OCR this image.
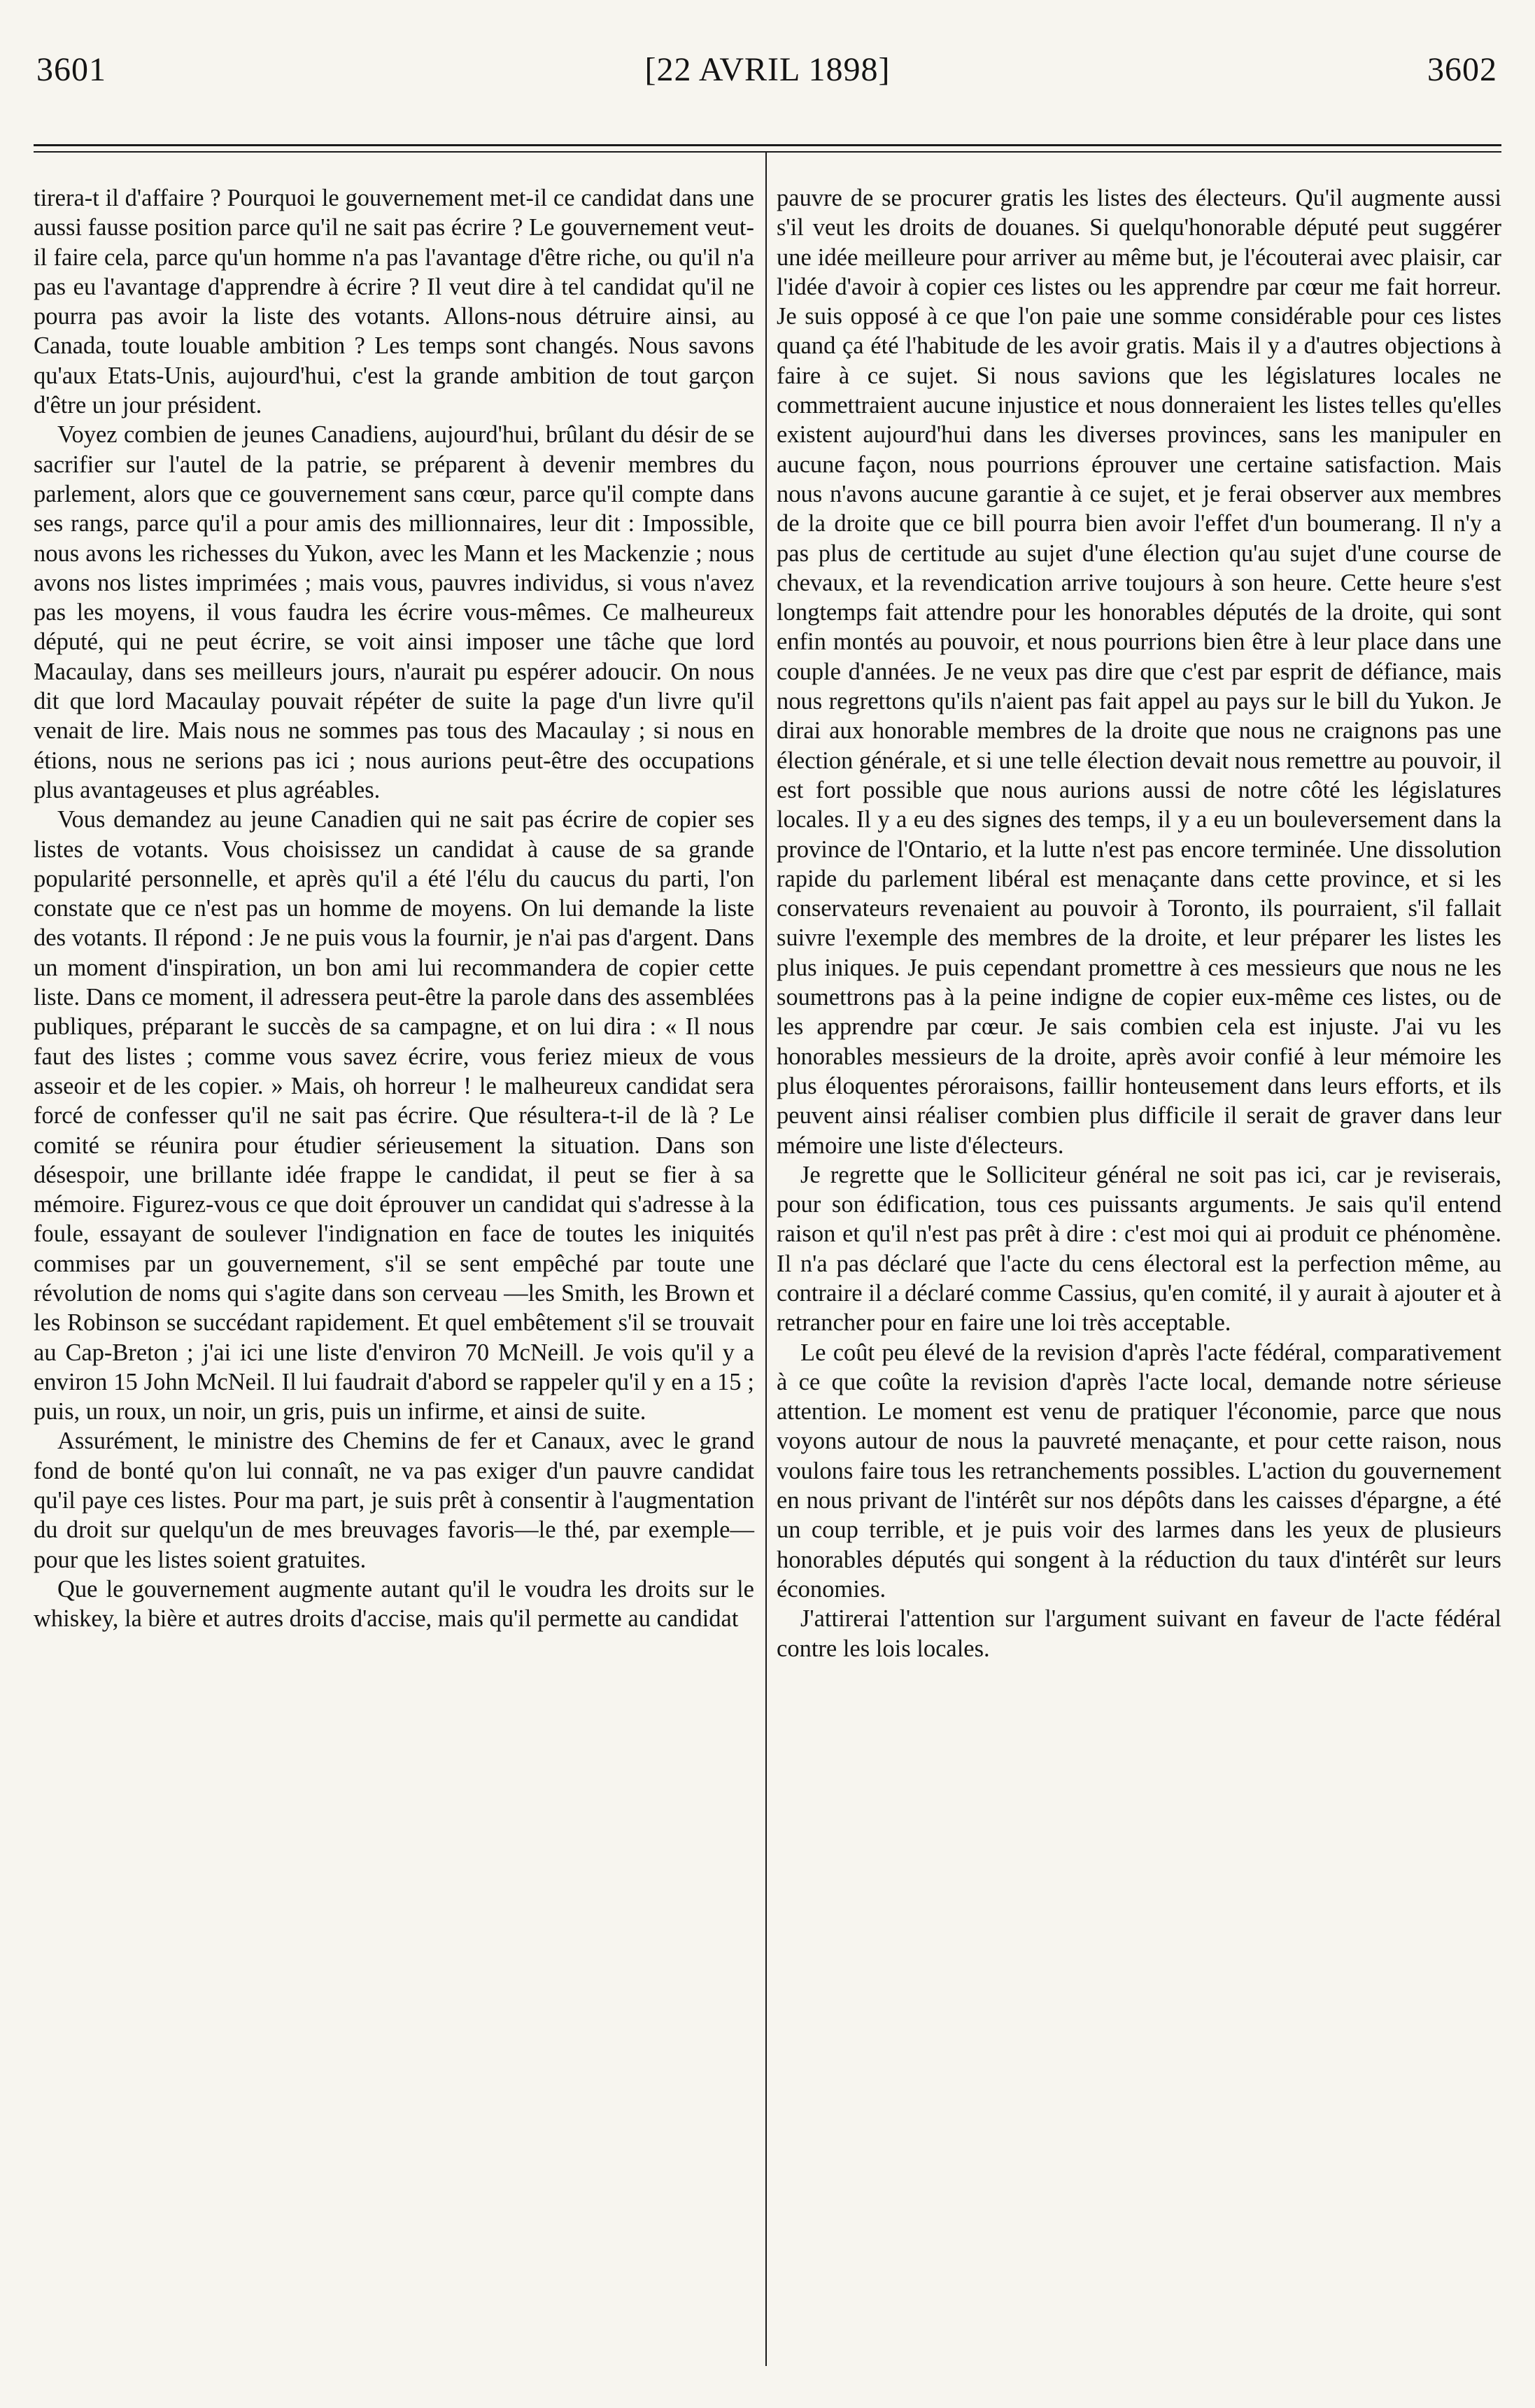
3601	[22 AVRIL 1898]	3602

tirera-t il d'affaire ? Pourquoi le gouvernement met-il ce candidat dans une aussi fausse position parce qu'il ne sait pas écrire ? Le gouvernement veut-il faire cela, parce qu'un homme n'a pas l'avantage d'être riche, ou qu'il n'a pas eu l'avantage d'apprendre à écrire ? Il veut dire à tel candidat qu'il ne pourra pas avoir la liste des votants. Allons-nous détruire ainsi, au Canada, toute louable ambition ? Les temps sont changés. Nous savons qu'aux Etats-Unis, aujourd'hui, c'est la grande ambition de tout garçon d'être un jour président.

Voyez combien de jeunes Canadiens, aujourd'hui, brûlant du désir de se sacrifier sur l'autel de la patrie, se préparent à devenir membres du parlement, alors que ce gouvernement sans cœur, parce qu'il compte dans ses rangs, parce qu'il a pour amis des millionnaires, leur dit : Impossible, nous avons les richesses du Yukon, avec les Mann et les Mackenzie ; nous avons nos listes imprimées ; mais vous, pauvres individus, si vous n'avez pas les moyens, il vous faudra les écrire vous-mêmes. Ce malheureux député, qui ne peut écrire, se voit ainsi imposer une tâche que lord Macaulay, dans ses meilleurs jours, n'aurait pu espérer adoucir. On nous dit que lord Macaulay pouvait répéter de suite la page d'un livre qu'il venait de lire. Mais nous ne sommes pas tous des Macaulay ; si nous en étions, nous ne serions pas ici ; nous aurions peut-être des occupations plus avantageuses et plus agréables.

Vous demandez au jeune Canadien qui ne sait pas écrire de copier ses listes de votants. Vous choisissez un candidat à cause de sa grande popularité personnelle, et après qu'il a été l'élu du caucus du parti, l'on constate que ce n'est pas un homme de moyens. On lui demande la liste des votants. Il répond : Je ne puis vous la fournir, je n'ai pas d'argent. Dans un moment d'inspiration, un bon ami lui recommandera de copier cette liste. Dans ce moment, il adressera peut-être la parole dans des assemblées publiques, préparant le succès de sa campagne, et on lui dira : « Il nous faut des listes ; comme vous savez écrire, vous feriez mieux de vous asseoir et de les copier. » Mais, oh horreur ! le malheureux candidat sera forcé de confesser qu'il ne sait pas écrire. Que résultera-t-il de là ? Le comité se réunira pour étudier sérieusement la situation. Dans son désespoir, une brillante idée frappe le candidat, il peut se fier à sa mémoire. Figurez-vous ce que doit éprouver un candidat qui s'adresse à la foule, essayant de soulever l'indignation en face de toutes les iniquités commises par un gouvernement, s'il se sent empêché par toute une révolution de noms qui s'agite dans son cerveau —les Smith, les Brown et les Robinson se succédant rapidement. Et quel embêtement s'il se trouvait au Cap-Breton ; j'ai ici une liste d'environ 70 McNeill. Je vois qu'il y a environ 15 John McNeil. Il lui faudrait d'abord se rappeler qu'il y en a 15 ; puis, un roux, un noir, un gris, puis un infirme, et ainsi de suite.

Assurément, le ministre des Chemins de fer et Canaux, avec le grand fond de bonté qu'on lui connaît, ne va pas exiger d'un pauvre candidat qu'il paye ces listes. Pour ma part, je suis prêt à consentir à l'augmentation du droit sur quelqu'un de mes breuvages favoris—le thé, par exemple—pour que les listes soient gratuites.

Que le gouvernement augmente autant qu'il le voudra les droits sur le whiskey, la bière et autres droits d'accise, mais qu'il permette au candidat

pauvre de se procurer gratis les listes des électeurs. Qu'il augmente aussi s'il veut les droits de douanes. Si quelqu'honorable député peut suggérer une idée meilleure pour arriver au même but, je l'écouterai avec plaisir, car l'idée d'avoir à copier ces listes ou les apprendre par cœur me fait horreur. Je suis opposé à ce que l'on paie une somme considérable pour ces listes quand ça été l'habitude de les avoir gratis. Mais il y a d'autres objections à faire à ce sujet. Si nous savions que les législatures locales ne commettraient aucune injustice et nous donneraient les listes telles qu'elles existent aujourd'hui dans les diverses provinces, sans les manipuler en aucune façon, nous pourrions éprouver une certaine satisfaction. Mais nous n'avons aucune garantie à ce sujet, et je ferai observer aux membres de la droite que ce bill pourra bien avoir l'effet d'un boumerang. Il n'y a pas plus de certitude au sujet d'une élection qu'au sujet d'une course de chevaux, et la revendication arrive toujours à son heure. Cette heure s'est longtemps fait attendre pour les honorables députés de la droite, qui sont enfin montés au pouvoir, et nous pourrions bien être à leur place dans une couple d'années. Je ne veux pas dire que c'est par esprit de défiance, mais nous regrettons qu'ils n'aient pas fait appel au pays sur le bill du Yukon. Je dirai aux honorable membres de la droite que nous ne craignons pas une élection générale, et si une telle élection devait nous remettre au pouvoir, il est fort possible que nous aurions aussi de notre côté les législatures locales. Il y a eu des signes des temps, il y a eu un bouleversement dans la province de l'Ontario, et la lutte n'est pas encore terminée. Une dissolution rapide du parlement libéral est menaçante dans cette province, et si les conservateurs revenaient au pouvoir à Toronto, ils pourraient, s'il fallait suivre l'exemple des membres de la droite, et leur préparer les listes les plus iniques. Je puis cependant promettre à ces messieurs que nous ne les soumettrons pas à la peine indigne de copier eux-même ces listes, ou de les apprendre par cœur. Je sais combien cela est injuste. J'ai vu les honorables messieurs de la droite, après avoir confié à leur mémoire les plus éloquentes péroraisons, faillir honteusement dans leurs efforts, et ils peuvent ainsi réaliser combien plus difficile il serait de graver dans leur mémoire une liste d'électeurs.

Je regrette que le Solliciteur général ne soit pas ici, car je reviserais, pour son édification, tous ces puissants arguments. Je sais qu'il entend raison et qu'il n'est pas prêt à dire : c'est moi qui ai produit ce phénomène. Il n'a pas déclaré que l'acte du cens électoral est la perfection même, au contraire il a déclaré comme Cassius, qu'en comité, il y aurait à ajouter et à retrancher pour en faire une loi très acceptable.

Le coût peu élevé de la revision d'après l'acte fédéral, comparativement à ce que coûte la revision d'après l'acte local, demande notre sérieuse attention. Le moment est venu de pratiquer l'économie, parce que nous voyons autour de nous la pauvreté menaçante, et pour cette raison, nous voulons faire tous les retranchements possibles. L'action du gouvernement en nous privant de l'intérêt sur nos dépôts dans les caisses d'épargne, a été un coup terrible, et je puis voir des larmes dans les yeux de plusieurs honorables députés qui songent à la réduction du taux d'intérêt sur leurs économies.

J'attirerai l'attention sur l'argument suivant en faveur de l'acte fédéral contre les lois locales.
